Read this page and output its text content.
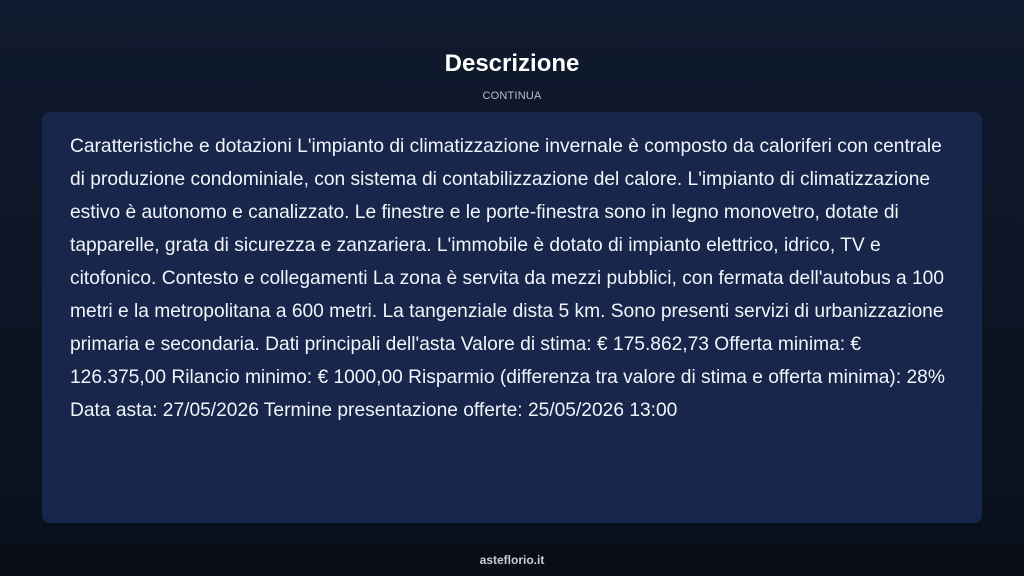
Descrizione
CONTINUA

Caratteristiche e dotazioni L'impianto di climatizzazione invernale è composto da caloriferi con centrale di produzione condominiale, con sistema di contabilizzazione del calore. L'impianto di climatizzazione estivo è autonomo e canalizzato. Le finestre e le porte-finestra sono in legno monovetro, dotate di tapparelle, grata di sicurezza e zanzariera. L'immobile è dotato di impianto elettrico, idrico, TV e citofonico. Contesto e collegamenti La zona è servita da mezzi pubblici, con fermata dell'autobus a 100 metri e la metropolitana a 600 metri. La tangenziale dista 5 km. Sono presenti servizi di urbanizzazione primaria e secondaria. Dati principali dell'asta Valore di stima: € 175.862,73 Offerta minima: € 126.375,00 Rilancio minimo: € 1000,00 Risparmio (differenza tra valore di stima e offerta minima): 28% Data asta: 27/05/2026 Termine presentazione offerte: 25/05/2026 13:00

asteflorio.it
